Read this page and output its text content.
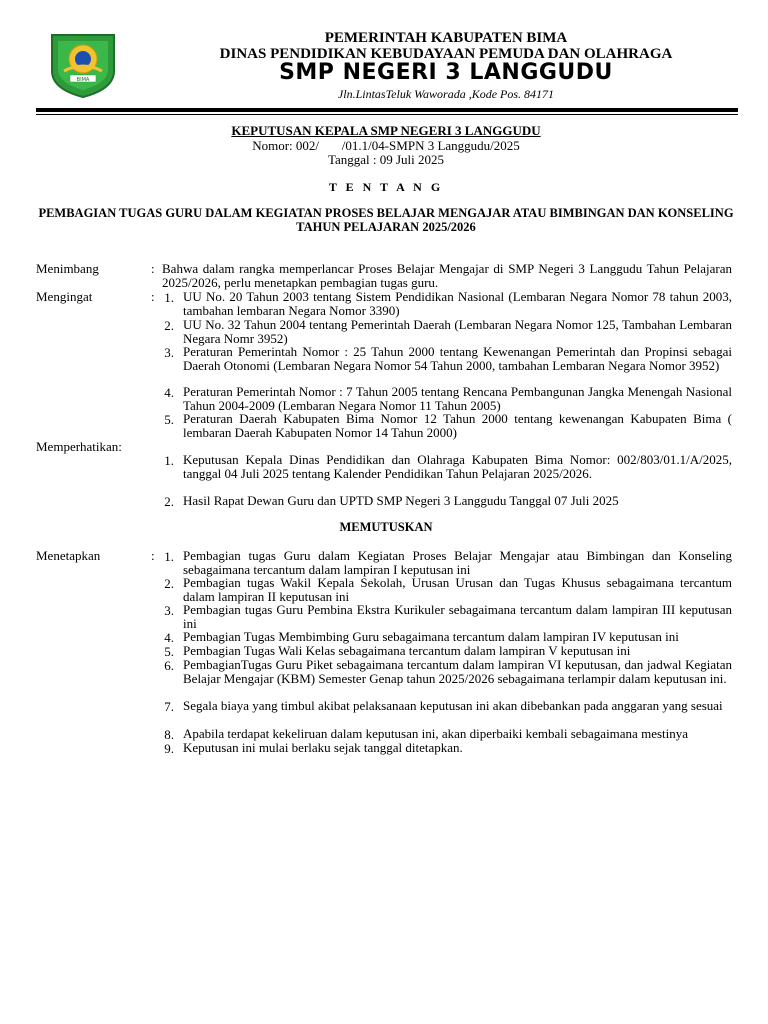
BIMA
PEMERINTAH KABUPATEN BIMA
DINAS PENDIDIKAN KEBUDAYAAN PEMUDA DAN OLAHRAGA
SMP NEGERI 3 LANGGUDU
Jln.LintasTeluk Waworada ,Kode Pos. 84171
KEPUTUSAN KEPALA SMP NEGERI 3 LANGGUDU
Nomor: 002/       /01.1/04-SMPN 3 Langgudu/2025
Tanggal : 09 Juli 2025
T E N T A N G
PEMBAGIAN TUGAS GURU DALAM KEGIATAN PROSES BELAJAR MENGAJAR ATAU BIMBINGAN DAN KONSELING
TAHUN PELAJARAN 2025/2026
Menimbang	: Bahwa dalam rangka memperlancar Proses Belajar Mengajar di SMP Negeri 3 Langgudu Tahun Pelajaran 2025/2026, perlu menetapkan pembagian tugas guru.
Mengingat	: 1. UU No. 20 Tahun 2003 tentang Sistem Pendidikan Nasional (Lembaran Negara Nomor 78 tahun 2003, tambahan lembaran Negara Nomor 3390)
2. UU No. 32 Tahun 2004 tentang Pemerintah Daerah (Lembaran Negara Nomor 125, Tambahan Lembaran Negara Nomr 3952)
3. Peraturan Pemerintah Nomor : 25 Tahun 2000 tentang Kewenangan Pemerintah dan Propinsi sebagai Daerah Otonomi (Lembaran Negara Nomor 54 Tahun 2000, tambahan Lembaran Negara Nomor 3952)
4. Peraturan Pemerintah Nomor : 7 Tahun 2005 tentang Rencana Pembangunan Jangka Menengah Nasional Tahun 2004-2009 (Lembaran Negara Nomor 11 Tahun 2005)
5. Peraturan Daerah Kabupaten Bima Nomor 12 Tahun 2000 tentang kewenangan Kabupaten Bima ( lembaran Daerah Kabupaten Nomor 14 Tahun 2000)
Memperhatikan:
1. Keputusan Kepala Dinas Pendidikan dan Olahraga Kabupaten Bima Nomor: 002/803/01.1/A/2025, tanggal 04 Juli 2025 tentang Kalender Pendidikan Tahun Pelajaran 2025/2026.
2. Hasil Rapat Dewan Guru dan UPTD SMP Negeri 3 Langgudu Tanggal 07 Juli 2025
MEMUTUSKAN
Menetapkan	: 1. Pembagian tugas Guru dalam Kegiatan Proses Belajar Mengajar atau Bimbingan dan Konseling sebagaimana tercantum dalam lampiran I keputusan ini
2. Pembagian tugas Wakil Kepala Sekolah, Urusan Urusan dan Tugas Khusus sebagaimana tercantum dalam lampiran II keputusan ini
3. Pembagian tugas Guru Pembina Ekstra Kurikuler sebagaimana tercantum dalam lampiran III keputusan ini
4. Pembagian Tugas Membimbing Guru sebagaimana tercantum dalam lampiran IV keputusan ini
5. Pembagian Tugas Wali Kelas sebagaimana tercantum dalam lampiran V keputusan ini
6. PembagianTugas Guru Piket sebagaimana tercantum dalam lampiran VI keputusan, dan jadwal Kegiatan Belajar Mengajar (KBM) Semester Genap tahun 2025/2026 sebagaimana terlampir dalam keputusan ini.
7. Segala biaya yang timbul akibat pelaksanaan keputusan ini akan dibebankan pada anggaran yang sesuai
8. Apabila terdapat kekeliruan dalam keputusan ini, akan diperbaiki kembali sebagaimana mestinya
9. Keputusan ini mulai berlaku sejak tanggal ditetapkan.
